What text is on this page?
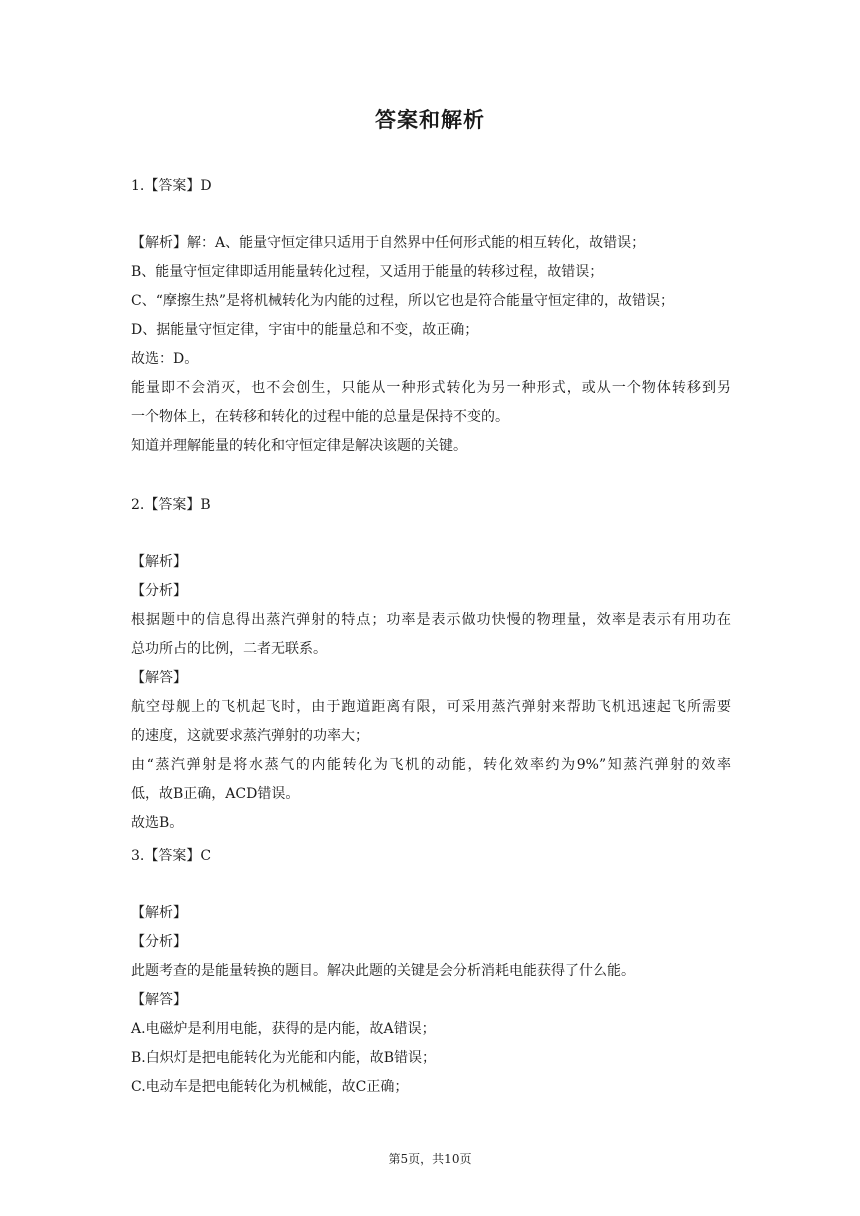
答案和解析
1.【答案】D
【解析】解：A、能量守恒定律只适用于自然界中任何形式能的相互转化，故错误；
B、能量守恒定律即适用能量转化过程，又适用于能量的转移过程，故错误；
C、“摩擦生热”是将机械转化为内能的过程，所以它也是符合能量守恒定律的，故错误；
D、据能量守恒定律，宇宙中的能量总和不变，故正确；
故选：D。
能量即不会消灭，也不会创生，只能从一种形式转化为另一种形式，或从一个物体转移到另
一个物体上，在转移和转化的过程中能的总量是保持不变的。
知道并理解能量的转化和守恒定律是解决该题的关键。
2.【答案】B
【解析】
【分析】
根据题中的信息得出蒸汽弹射的特点；功率是表示做功快慢的物理量，效率是表示有用功在
总功所占的比例，二者无联系。
【解答】
航空母舰上的飞机起飞时，由于跑道距离有限，可采用蒸汽弹射来帮助飞机迅速起飞所需要
的速度，这就要求蒸汽弹射的功率大；
由“蒸汽弹射是将水蒸气的内能转化为飞机的动能，转化效率约为9%”知蒸汽弹射的效率
低，故B正确，ACD错误。
故选B。
3.【答案】C
【解析】
【分析】
此题考查的是能量转换的题目。解决此题的关键是会分析消耗电能获得了什么能。
【解答】
A.电磁炉是利用电能，获得的是内能，故A错误；
B.白炽灯是把电能转化为光能和内能，故B错误；
C.电动车是把电能转化为机械能，故C正确；
第5页，共10页
